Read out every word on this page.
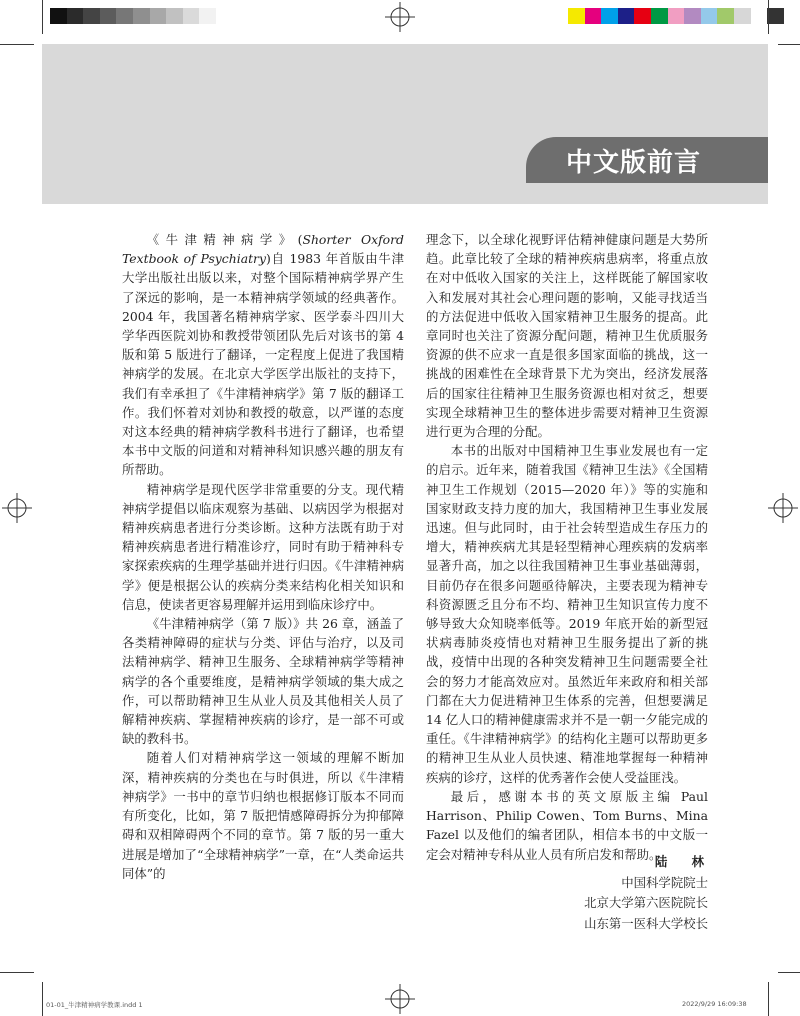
中文版前言

《牛津精神病学》(Shorter Oxford Textbook of Psychiatry)自 1983 年首版由牛津大学出版社出版以来，对整个国际精神病学界产生了深远的影响，是一本精神病学领域的经典著作。2004 年，我国著名精神病学家、医学泰斗四川大学华西医院刘协和教授带领团队先后对该书的第 4 版和第 5 版进行了翻译，一定程度上促进了我国精神病学的发展。在北京大学医学出版社的支持下，我们有幸承担了《牛津精神病学》第 7 版的翻译工作。我们怀着对刘协和教授的敬意，以严谨的态度对这本经典的精神病学教科书进行了翻译，也希望本书中文版的问道和对精神科知识感兴趣的朋友有所帮助。

精神病学是现代医学非常重要的分支。现代精神病学提倡以临床观察为基础、以病因学为根据对精神疾病患者进行分类诊断。这种方法既有助于对精神疾病患者进行精准诊疗，同时有助于精神科专家探索疾病的生理学基础并进行归因。《牛津精神病学》便是根据公认的疾病分类来结构化相关知识和信息，使读者更容易理解并运用到临床诊疗中。

《牛津精神病学（第 7 版）》共 26 章，涵盖了各类精神障碍的症状与分类、评估与治疗，以及司法精神病学、精神卫生服务、全球精神病学等精神病学的各个重要维度，是精神病学领域的集大成之作，可以帮助精神卫生从业人员及其他相关人员了解精神疾病、掌握精神疾病的诊疗，是一部不可或缺的教科书。

随着人们对精神病学这一领域的理解不断加深，精神疾病的分类也在与时俱进，所以《牛津精神病学》一书中的章节归纳也根据修订版本不同而有所变化，比如，第 7 版把情感障碍拆分为抑郁障碍和双相障碍两个不同的章节。第 7 版的另一重大进展是增加了“全球精神病学”一章，在“人类命运共同体”的

理念下，以全球化视野评估精神健康问题是大势所趋。此章比较了全球的精神疾病患病率，将重点放在对中低收入国家的关注上，这样既能了解国家收入和发展对其社会心理问题的影响，又能寻找适当的方法促进中低收入国家精神卫生服务的提高。此章同时也关注了资源分配问题，精神卫生优质服务资源的供不应求一直是很多国家面临的挑战，这一挑战的困难性在全球背景下尤为突出，经济发展落后的国家往往精神卫生服务资源也相对贫乏，想要实现全球精神卫生的整体进步需要对精神卫生资源进行更为合理的分配。

本书的出版对中国精神卫生事业发展也有一定的启示。近年来，随着我国《精神卫生法》《全国精神卫生工作规划（2015—2020 年）》等的实施和国家财政支持力度的加大，我国精神卫生事业发展迅速。但与此同时，由于社会转型造成生存压力的增大，精神疾病尤其是轻型精神心理疾病的发病率显著升高，加之以往我国精神卫生事业基础薄弱，目前仍存在很多问题亟待解决，主要表现为精神专科资源匮乏且分布不均、精神卫生知识宣传力度不够导致大众知晓率低等。2019 年底开始的新型冠状病毒肺炎疫情也对精神卫生服务提出了新的挑战，疫情中出现的各种突发精神卫生问题需要全社会的努力才能高效应对。虽然近年来政府和相关部门都在大力促进精神卫生体系的完善，但想要满足 14 亿人口的精神健康需求并不是一朝一夕能完成的重任。《牛津精神病学》的结构化主题可以帮助更多的精神卫生从业人员快速、精准地掌握每一种精神疾病的诊疗，这样的优秀著作会使人受益匪浅。

最后，感谢本书的英文原版主编 Paul Harrison、Philip Cowen、Tom Burns、Mina Fazel 以及他们的编者团队，相信本书的中文版一定会对精神专科从业人员有所启发和帮助。

陆 林
中国科学院院士
北京大学第六医院院长
山东第一医科大学校长
01-01_牛津精神病学教课.indd 1	2022/9/29 16:09:38
